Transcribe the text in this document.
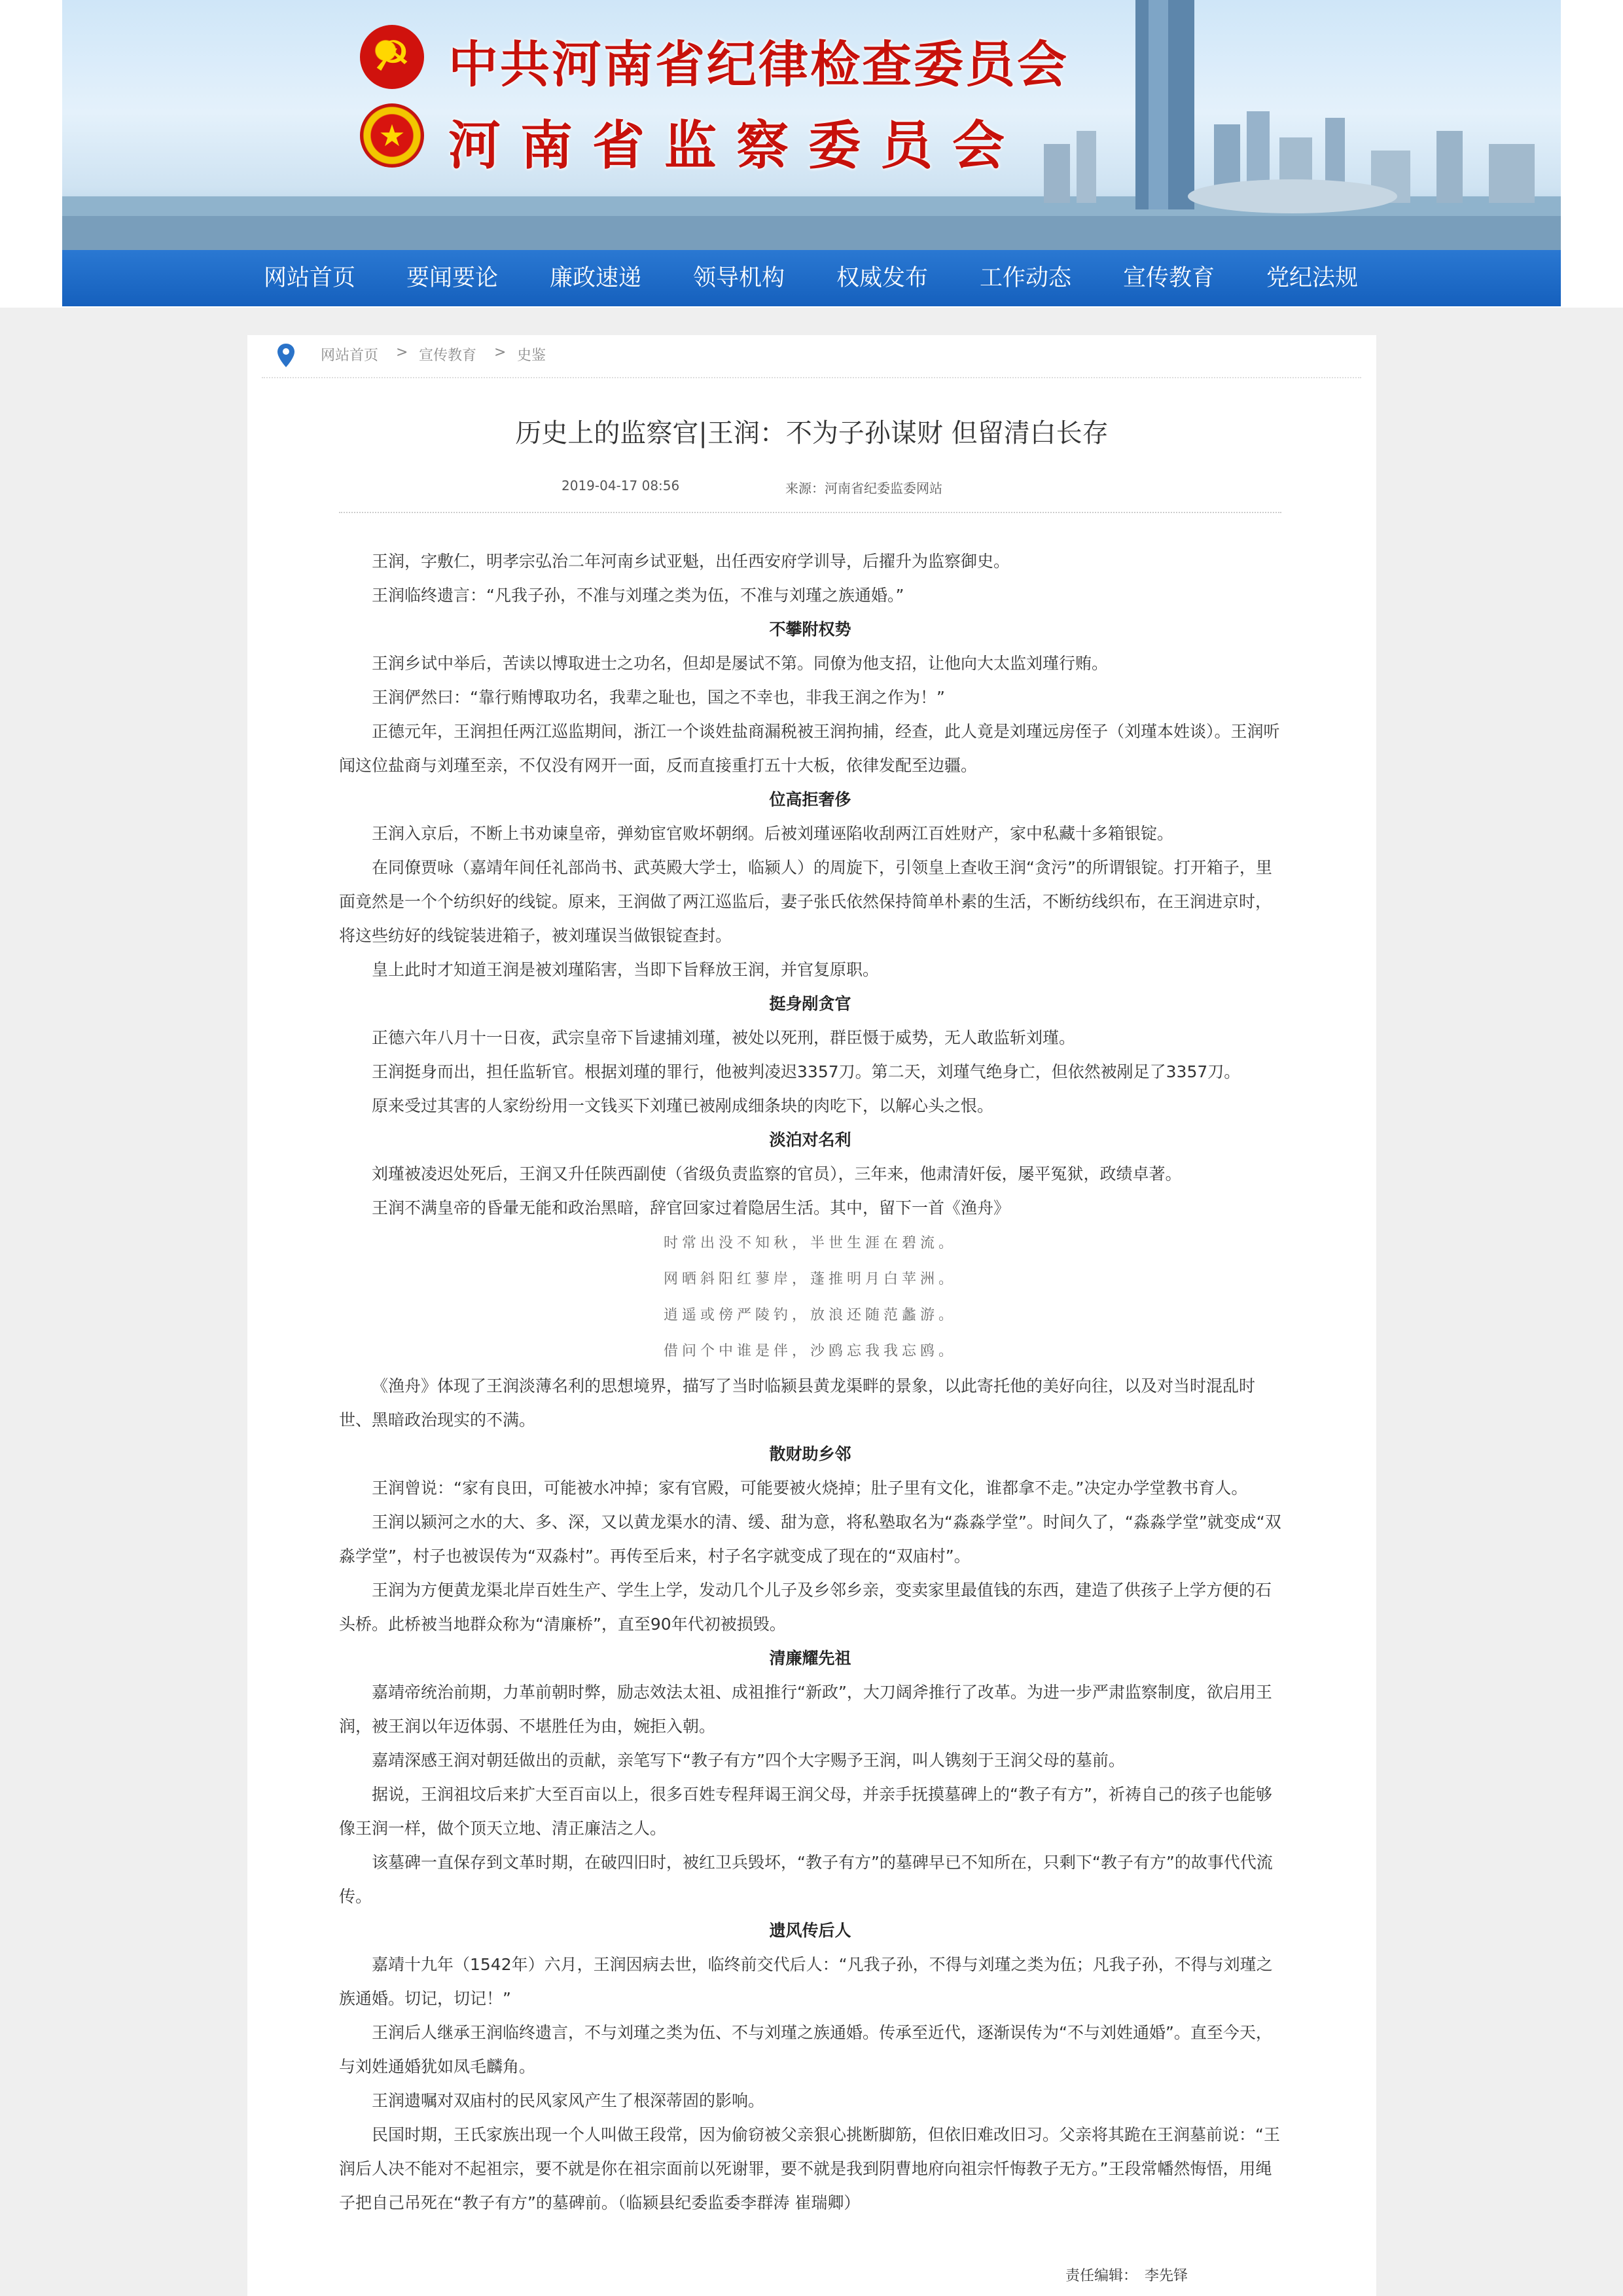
☭
★
中共河南省纪律检查委员会
河南省监察委员会
网站首页 要闻要论 廉政速递 领导机构 权威发布 工作动态 宣传教育 党纪法规
网站首页 > 宣传教育 > 史鉴
历史上的监察官|王润：不为子孙谋财 但留清白长存
2019-04-17 08:56	来源：河南省纪委监委网站

王润，字敷仁，明孝宗弘治二年河南乡试亚魁，出任西安府学训导，后擢升为监察御史。

王润临终遗言：“凡我子孙，不准与刘瑾之类为伍，不准与刘瑾之族通婚。”

不攀附权势

王润乡试中举后，苦读以博取进士之功名，但却是屡试不第。同僚为他支招，让他向大太监刘瑾行贿。

王润俨然曰：“靠行贿博取功名，我辈之耻也，国之不幸也，非我王润之作为！”

正德元年，王润担任两江巡监期间，浙江一个谈姓盐商漏税被王润拘捕，经查，此人竟是刘瑾远房侄子（刘瑾本姓谈）。王润听闻这位盐商与刘瑾至亲，不仅没有网开一面，反而直接重打五十大板，依律发配至边疆。

位高拒奢侈

王润入京后，不断上书劝谏皇帝，弹劾宦官败坏朝纲。后被刘瑾诬陷收刮两江百姓财产，家中私藏十多箱银锭。

在同僚贾咏（嘉靖年间任礼部尚书、武英殿大学士，临颍人）的周旋下，引领皇上查收王润“贪污”的所谓银锭。打开箱子，里面竟然是一个个纺织好的线锭。原来，王润做了两江巡监后，妻子张氏依然保持简单朴素的生活，不断纺线织布，在王润进京时，将这些纺好的线锭装进箱子，被刘瑾误当做银锭查封。

皇上此时才知道王润是被刘瑾陷害，当即下旨释放王润，并官复原职。

挺身剐贪官

正德六年八月十一日夜，武宗皇帝下旨逮捕刘瑾，被处以死刑，群臣慑于威势，无人敢监斩刘瑾。

王润挺身而出，担任监斩官。根据刘瑾的罪行，他被判凌迟3357刀。第二天，刘瑾气绝身亡，但依然被剐足了3357刀。

原来受过其害的人家纷纷用一文钱买下刘瑾已被剐成细条块的肉吃下，以解心头之恨。

淡泊对名利

刘瑾被凌迟处死后，王润又升任陕西副使（省级负责监察的官员），三年来，他肃清奸佞，屡平冤狱，政绩卓著。

王润不满皇帝的昏暈无能和政治黑暗，辞官回家过着隐居生活。其中，留下一首《渔舟》

时常出没不知秋，半世生涯在碧流。

网晒斜阳红蓼岸，蓬推明月白苹洲。

逍遥或傍严陵钓，放浪还随范蠡游。

借问个中谁是伴，沙鸥忘我我忘鸥。

《渔舟》体现了王润淡薄名利的思想境界，描写了当时临颍县黄龙渠畔的景象，以此寄托他的美好向往，以及对当时混乱时世、黑暗政治现实的不满。

散财助乡邻

王润曾说：“家有良田，可能被水冲掉；家有官殿，可能要被火烧掉；肚子里有文化，谁都拿不走。”决定办学堂教书育人。

王润以颍河之水的大、多、深，又以黄龙渠水的清、缓、甜为意，将私塾取名为“淼淼学堂”。时间久了，“淼淼学堂”就变成“双淼学堂”，村子也被误传为“双淼村”。再传至后来，村子名字就变成了现在的“双庙村”。

王润为方便黄龙渠北岸百姓生产、学生上学，发动几个儿子及乡邻乡亲，变卖家里最值钱的东西，建造了供孩子上学方便的石头桥。此桥被当地群众称为“清廉桥”，直至90年代初被损毁。

清廉耀先祖

嘉靖帝统治前期，力革前朝时弊，励志效法太祖、成祖推行“新政”，大刀阔斧推行了改革。为进一步严肃监察制度，欲启用王润，被王润以年迈体弱、不堪胜任为由，婉拒入朝。

嘉靖深感王润对朝廷做出的贡献，亲笔写下“教子有方”四个大字赐予王润，叫人镌刻于王润父母的墓前。

据说，王润祖坟后来扩大至百亩以上，很多百姓专程拜谒王润父母，并亲手抚摸墓碑上的“教子有方”，祈祷自己的孩子也能够像王润一样，做个顶天立地、清正廉洁之人。

该墓碑一直保存到文革时期，在破四旧时，被红卫兵毁坏，“教子有方”的墓碑早已不知所在，只剩下“教子有方”的故事代代流传。

遗风传后人

嘉靖十九年（1542年）六月，王润因病去世，临终前交代后人：“凡我子孙，不得与刘瑾之类为伍；凡我子孙，不得与刘瑾之族通婚。切记，切记！”

王润后人继承王润临终遗言，不与刘瑾之类为伍、不与刘瑾之族通婚。传承至近代，逐渐误传为“不与刘姓通婚”。直至今天，与刘姓通婚犹如凤毛麟角。

王润遗嘱对双庙村的民风家风产生了根深蒂固的影响。

民国时期，王氏家族出现一个人叫做王段常，因为偷窃被父亲狠心挑断脚筋，但依旧难改旧习。父亲将其跪在王润墓前说：“王润后人决不能对不起祖宗，要不就是你在祖宗面前以死谢罪，要不就是我到阴曹地府向祖宗忏悔教子无方。”王段常幡然悔悟，用绳子把自己吊死在“教子有方”的墓碑前。（临颍县纪委监委李群涛 崔瑞卿）

责任编辑：　李先铎
